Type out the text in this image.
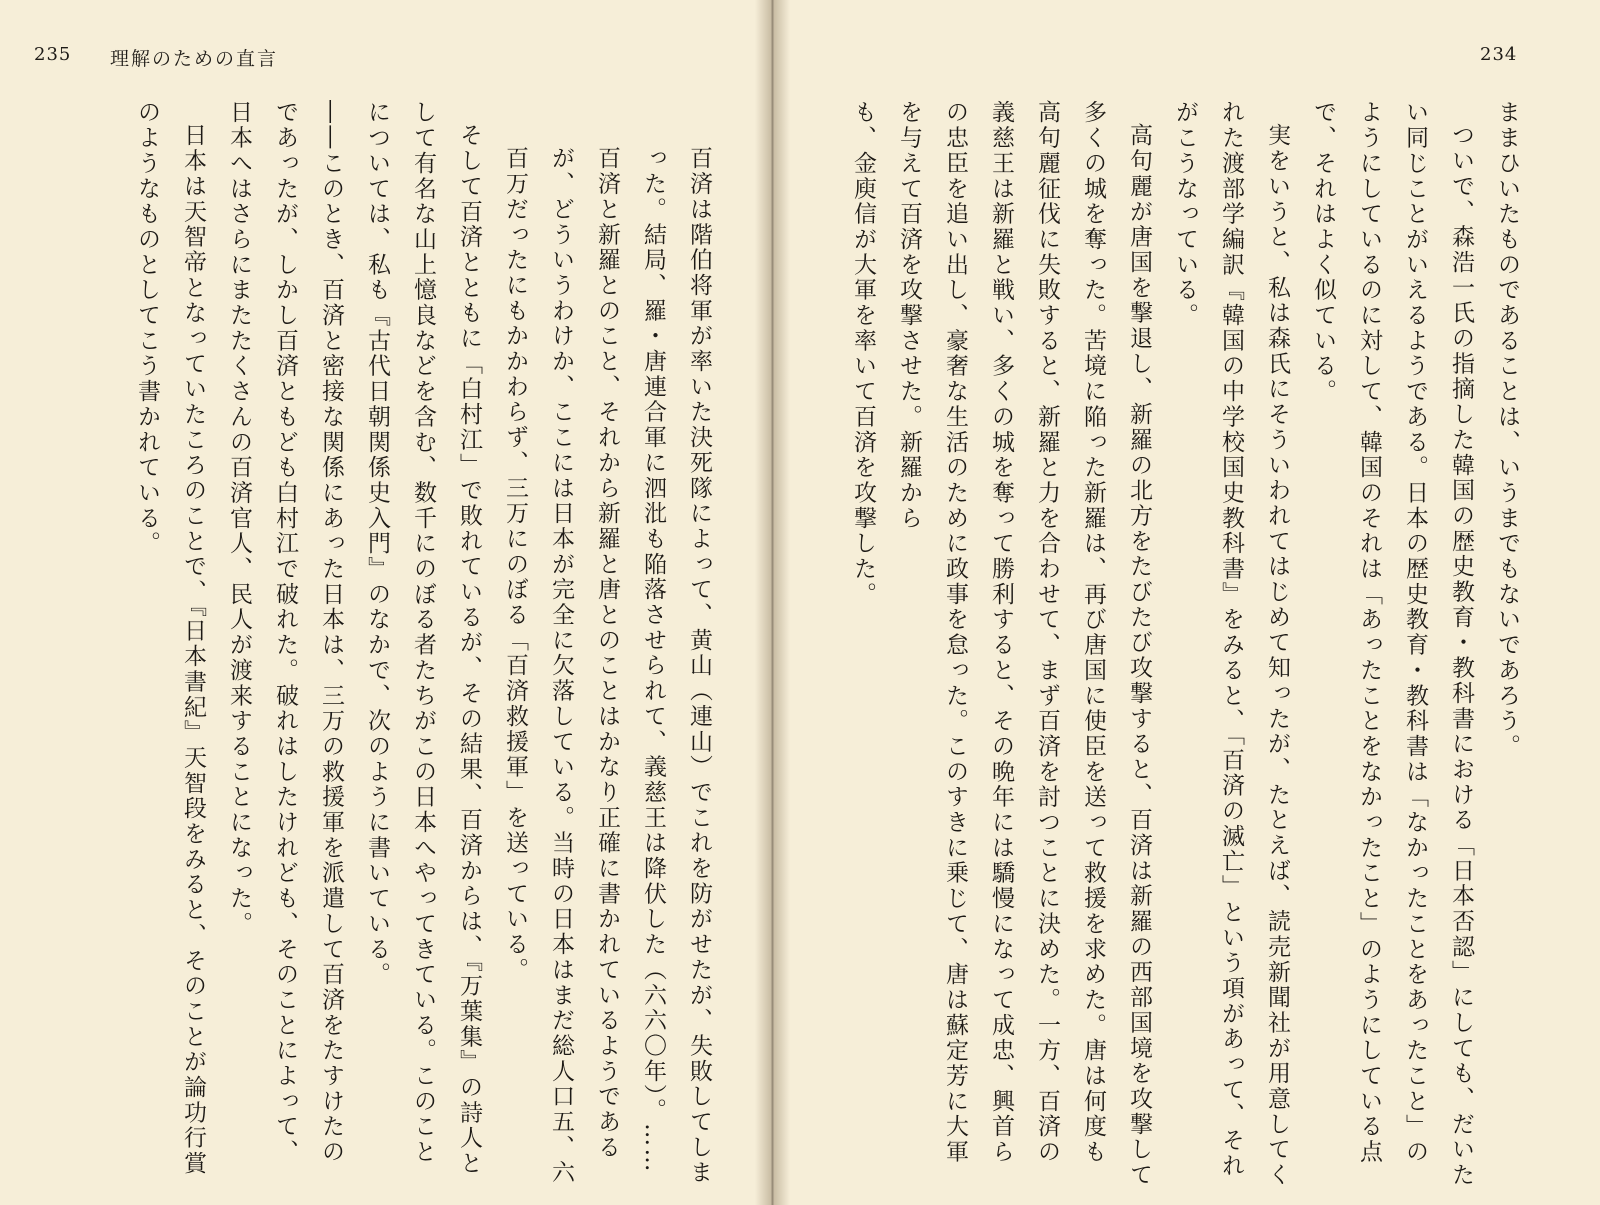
235 理解のための直言	234

百済は階伯将軍が率いた決死隊によって、黄山（連山）でこれを防がせたが、失敗してしまった。結局、羅・唐連合軍に泗沘も陥落させられて、義慈王は降伏した（六六〇年）。……

百済と新羅とのこと、それから新羅と唐とのことはかなり正確に書かれているようであるが、どういうわけか、ここには日本が完全に欠落している。当時の日本はまだ総人口五、六百万だったにもかかわらず、三万にのぼる「百済救援軍」を送っている。

そして百済とともに「白村江」で敗れているが、その結果、百済からは、『万葉集』の詩人として有名な山上憶良などを含む、数千にのぼる者たちがこの日本へやってきている。このことについては、私も『古代日朝関係史入門』のなかで、次のように書いている。

――このとき、百済と密接な関係にあった日本は、三万の救援軍を派遣して百済をたすけたのであったが、しかし百済ともども白村江で破れた。破れはしたけれども、そのことによって、日本へはさらにまたたくさんの百済官人、民人が渡来することになった。

日本は天智帝となっていたころのことで、『日本書紀』天智段をみると、そのことが論功行賞のようなものとしてこう書かれている。	ままひいたものであることは、いうまでもないであろう。

ついで、森浩一氏の指摘した韓国の歴史教育・教科書における「日本否認」にしても、だいたい同じことがいえるようである。日本の歴史教育・教科書は「なかったことをあったこと」のようにしているのに対して、韓国のそれは「あったことをなかったこと」のようにしている点で、それはよく似ている。

実をいうと、私は森氏にそういわれてはじめて知ったが、たとえば、読売新聞社が用意してくれた渡部学編訳『韓国の中学校国史教科書』をみると、「百済の滅亡」という項があって、それがこうなっている。

高句麗が唐国を撃退し、新羅の北方をたびたび攻撃すると、百済は新羅の西部国境を攻撃して多くの城を奪った。苦境に陥った新羅は、再び唐国に使臣を送って救援を求めた。唐は何度も高句麗征伐に失敗すると、新羅と力を合わせて、まず百済を討つことに決めた。一方、百済の義慈王は新羅と戦い、多くの城を奪って勝利すると、その晩年には驕慢になって成忠、興首らの忠臣を追い出し、豪奢な生活のために政事を怠った。このすきに乗じて、唐は蘇定芳に大軍を与えて百済を攻撃させた。新羅から

も、金庾信が大軍を率いて百済を攻撃した。
